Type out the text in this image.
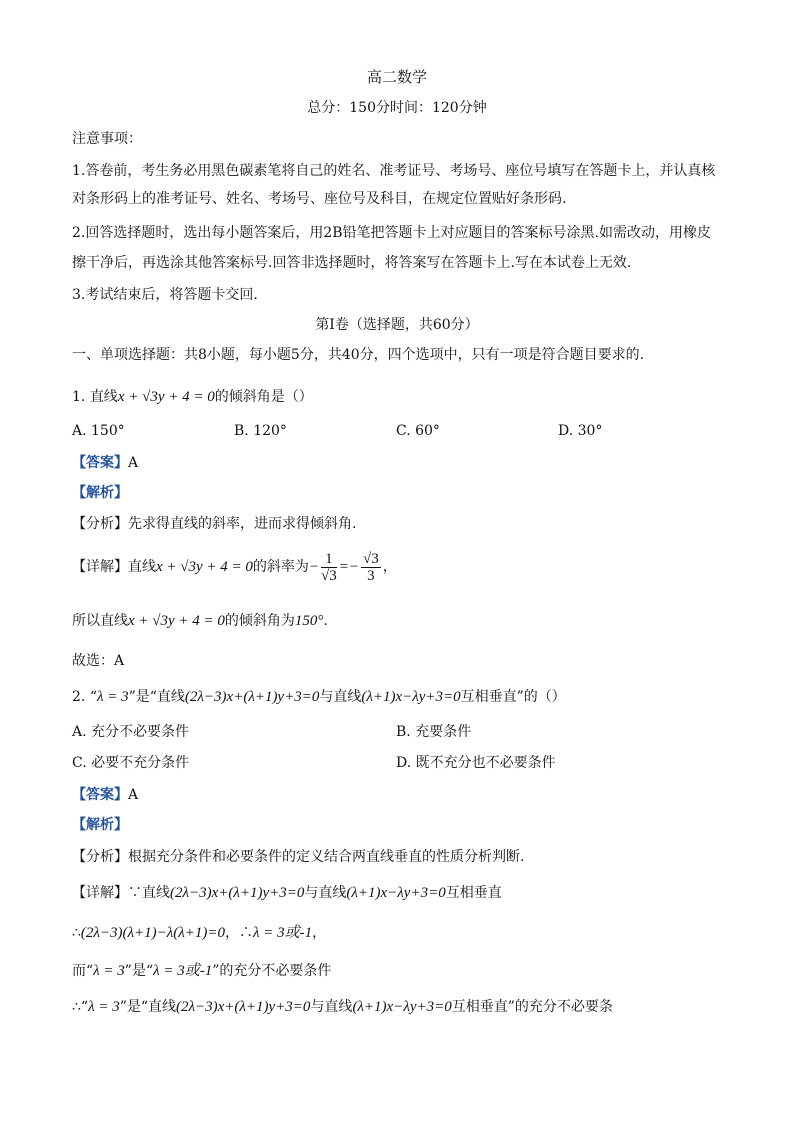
高二数学
总分：150分时间：120分钟
注意事项：
1.答卷前，考生务必用黑色碳素笔将自己的姓名、准考证号、考场号、座位号填写在答题卡上，并认真核
对条形码上的准考证号、姓名、考场号、座位号及科目，在规定位置贴好条形码.
2.回答选择题时，选出每小题答案后，用2B铅笔把答题卡上对应题目的答案标号涂黑.如需改动，用橡皮
擦干净后，再选涂其他答案标号.回答非选择题时，将答案写在答题卡上.写在本试卷上无效.
3.考试结束后，将答题卡交回.
第Ⅰ卷（选择题，共60分）
一、单项选择题：共8小题，每小题5分，共40分，四个选项中，只有一项是符合题目要求的.
1. 直线x + √3y + 4 = 0的倾斜角是（）
A. 150°	B. 120°	C. 60°	D. 30°
【答案】A
【解析】
【分析】先求得直线的斜率，进而求得倾斜角.
【详解】直线x + √3y + 4 = 0的斜率为− $\frac{1}{√3} =- \frac{√3}{3}$ ，
所以直线x + √3y + 4 = 0的倾斜角为150°.
故选：A
2. “λ = 3”是“直线(2λ−3)x+(λ+1)y+3=0与直线(λ+1)x−λy+3=0互相垂直”的（）
A. 充分不必要条件	B. 充要条件
C. 必要不充分条件	D. 既不充分也不必要条件
【答案】A
【解析】
【分析】根据充分条件和必要条件的定义结合两直线垂直的性质分析判断.
【详解】∵直线(2λ−3)x+(λ+1)y+3=0与直线(λ+1)x−λy+3=0互相垂直
∴(2λ−3)(λ+1)−λ(λ+1)=0，∴λ = 3或-1，
而“λ = 3”是“λ = 3或-1”的充分不必要条件
∴“λ = 3”是“直线(2λ−3)x+(λ+1)y+3=0与直线(λ+1)x−λy+3=0互相垂直”的充分不必要条
